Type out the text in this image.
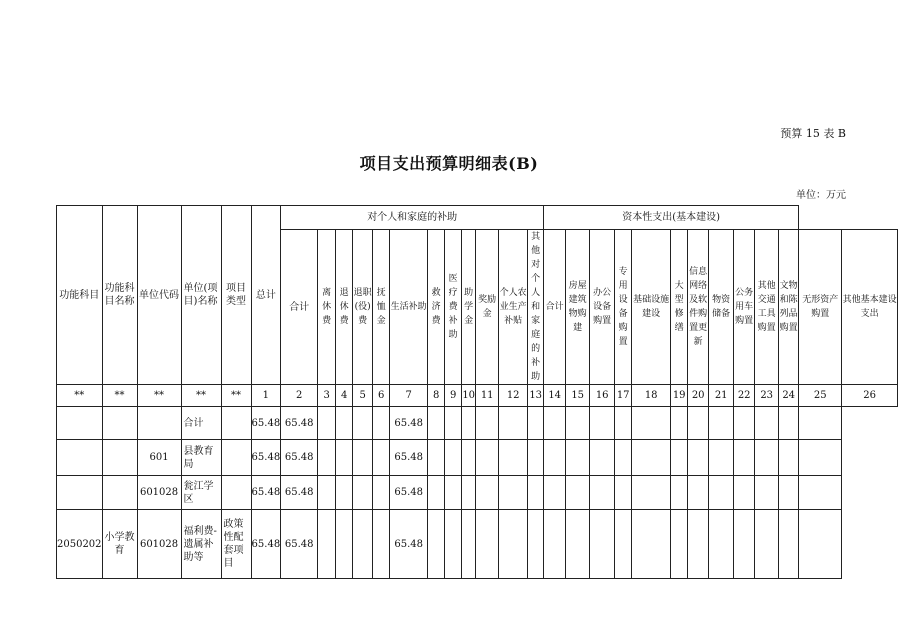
预算 15 表 B
项目支出预算明细表(B)
单位：万元
功能科目	功能科目名称	单位代码	单位(项目)名称	项目类型	总计	对个人和家庭的补助												资本性支出(基本建设)												
						合计	离休费	退休费	退职(役)费	抚恤金	生活补助	救济费	医疗费补助	助学金	奖励金	个人农业生产补贴	其他对个人和家庭的补助	合计	房屋建筑物购建	办公设备购置	专用设备购置	基础设施建设	大型修缮	信息网络及软件购置更新	物资储备	公务用车购置	其他交通工具购置	文物和陈列品购置	无形资产购置	其他基本建设支出
**	**	**	**	**	1	2	3	4	5	6	7	8	9	10	11	12	13	14	15	16	17	18	19	20	21	22	23	24	25	26
			合计		65.48	65.48					65.48																			
		601	县教育局		65.48	65.48					65.48																			
		601028	瓮江学区		65.48	65.48					65.48																			
2050202	小学教育	601028	福利费-遗属补助等	政策性配套项目	65.48	65.48					65.48																			
